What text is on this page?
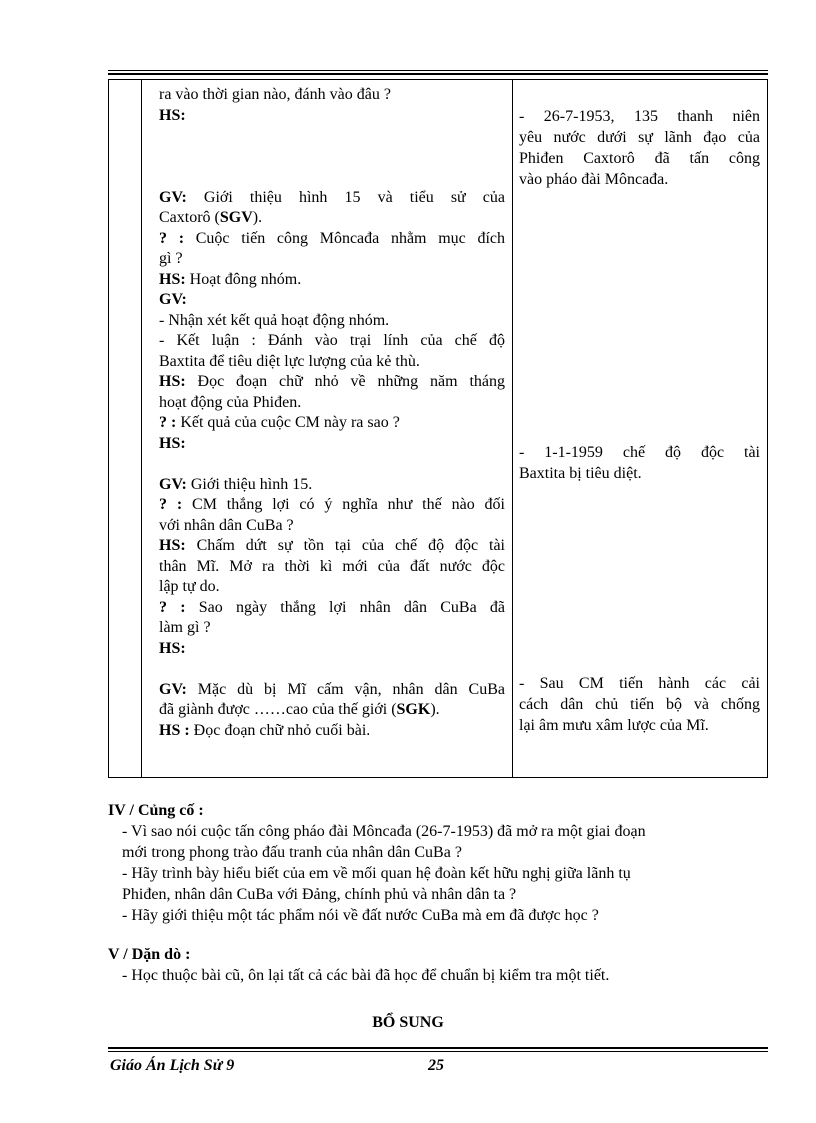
ra vào thời gian nào, đánh vào đâu ?
HS:
GV: Giới thiệu hình 15 và tiểu sử của
Caxtorô (SGV).
? : Cuộc tiến công Môncađa nhằm mục đích
gì ?
HS: Hoạt đông nhóm.
GV:
- Nhận xét kết quả hoạt động nhóm.
- Kết luận : Đánh vào trại lính của chế độ
Baxtita để tiêu diệt lực lượng của kẻ thù.
HS: Đọc đoạn chữ nhỏ về những năm tháng
hoạt động của Phiđen.
? : Kết quả của cuộc CM này ra sao ?
HS:
GV: Giới thiệu hình 15.
? : CM thắng lợi có ý nghĩa như thế nào đối
với nhân dân CuBa ?
HS: Chấm dứt sự tồn tại của chế độ độc tài
thân Mĩ. Mở ra thời kì mới của đất nước độc
lập tự do.
? : Sao ngày thắng lợi nhân dân CuBa đã
làm gì ?
HS:
GV: Mặc dù bị Mĩ cấm vận, nhân dân CuBa
đã giành được ……cao của thế giới (SGK).
HS : Đọc đoạn chữ nhỏ cuối bài.
- 26-7-1953, 135 thanh niên
yêu nước dưới sự lãnh đạo của
Phiđen Caxtorô đã tấn công
vào pháo đài Môncađa.
- 1-1-1959 chế độ độc tài
Baxtita bị tiêu diệt.
- Sau CM tiến hành các cải
cách dân chủ tiến bộ và chống
lại âm mưu xâm lược của Mĩ.
IV / Củng cố :
- Vì sao nói cuộc tấn công pháo đài Môncađa (26-7-1953) đã mở ra một giai đoạn
mới trong phong trào đấu tranh của nhân dân CuBa ?
- Hãy trình bày hiểu biết của em về mối quan hệ đoàn kết hữu nghị giữa lãnh tụ
Phiđen, nhân dân CuBa với Đảng, chính phủ và nhân dân ta ?
- Hãy giới thiệu một tác phẩm nói về đất nước CuBa mà em đã được học ?
V / Dặn dò :
- Học thuộc bài cũ, ôn lại tất cả các bài đã học để chuẩn bị kiểm tra một tiết.
BỔ SUNG
Giáo Án Lịch Sử 9	25
